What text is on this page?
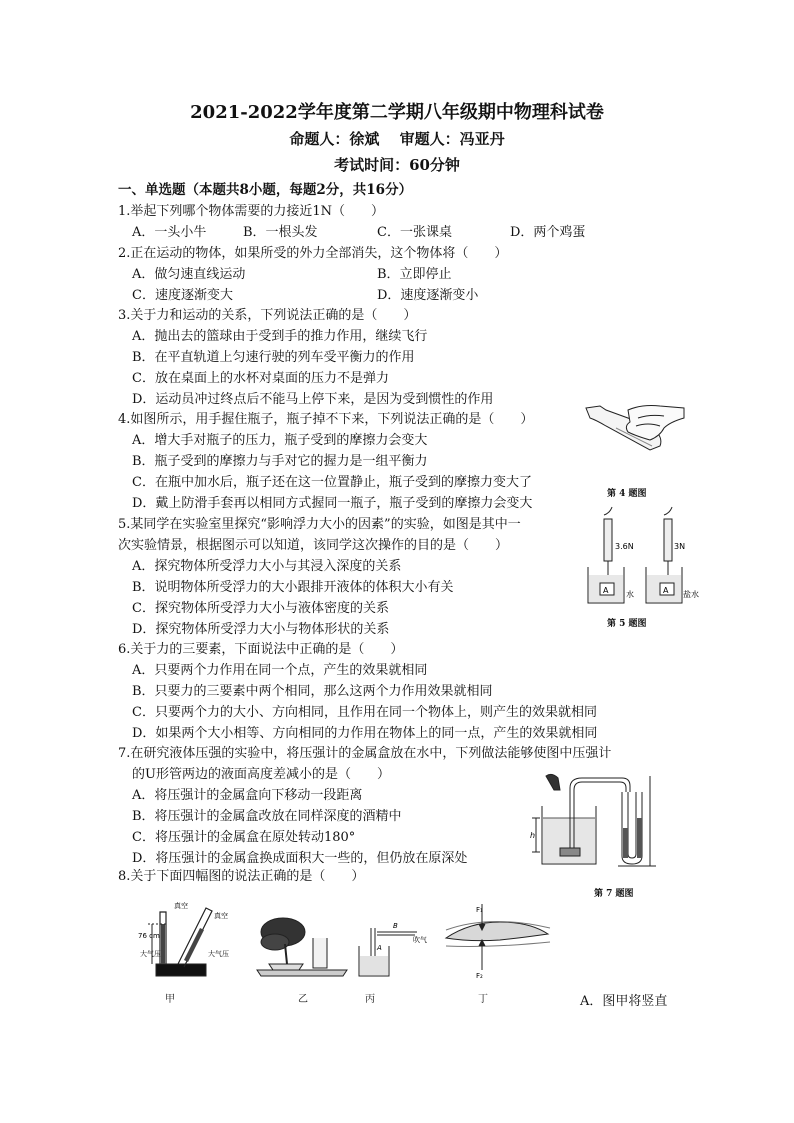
2021-2022学年度第二学期八年级期中物理科试卷
命题人：徐斌　 审题人：冯亚丹
考试时间：60分钟
一、单选题（本题共8小题，每题2分，共16分）
1.举起下列哪个物体需要的力接近1N（　　）
A．一头小牛	B．一根头发	C．一张课桌	D．两个鸡蛋
2.正在运动的物体，如果所受的外力全部消失，这个物体将（　　）
A．做匀速直线运动	B．立即停止
C．速度逐渐变大	D．速度逐渐变小
3.关于力和运动的关系，下列说法正确的是（　　）
A．抛出去的篮球由于受到手的推力作用，继续飞行
B．在平直轨道上匀速行驶的列车受平衡力的作用
C．放在桌面上的水杯对桌面的压力不是弹力
D．运动员冲过终点后不能马上停下来，是因为受到惯性的作用
4.如图所示，用手握住瓶子，瓶子掉不下来，下列说法正确的是（　　）
A．增大手对瓶子的压力，瓶子受到的摩擦力会变大
B．瓶子受到的摩擦力与手对它的握力是一组平衡力
C．在瓶中加水后，瓶子还在这一位置静止，瓶子受到的摩擦力变大了
D．戴上防滑手套再以相同方式握同一瓶子，瓶子受到的摩擦力会变大
第 4 题图
5.某同学在实验室里探究“影响浮力大小的因素”的实验，如图是其中一
次实验情景，根据图示可以知道，该同学这次操作的目的是（　　）
A．探究物体所受浮力大小与其浸入深度的关系
B．说明物体所受浮力的大小跟排开液体的体积大小有关
C．探究物体所受浮力大小与液体密度的关系
D．探究物体所受浮力大小与物体形状的关系
3.6N	3N
A	A
水	盐水
第 5 题图
6.关于力的三要素，下面说法中正确的是（　　）
A．只要两个力作用在同一个点，产生的效果就相同
B．只要力的三要素中两个相同，那么这两个力作用效果就相同
C．只要两个力的大小、方向相同，且作用在同一个物体上，则产生的效果就相同
D．如果两个大小相等、方向相同的力作用在物体上的同一点，产生的效果就相同
7.在研究液体压强的实验中，将压强计的金属盒放在水中，下列做法能够使图中压强计
的U形管两边的液面高度差减小的是（　　）
A．将压强计的金属盒向下移动一段距离
B．将压强计的金属盒改放在同样深度的酒精中
C．将压强计的金属盒在原处转动180°
D．将压强计的金属盒换成面积大一些的，但仍放在原深处
h
第 7 题图
8.关于下面四幅图的说法正确的是（　　）
真空
真空
76 cm
大气压	大气压
甲	乙
B
A
吹气
丙
F₁
F₂
丁	A．图甲将竖直
